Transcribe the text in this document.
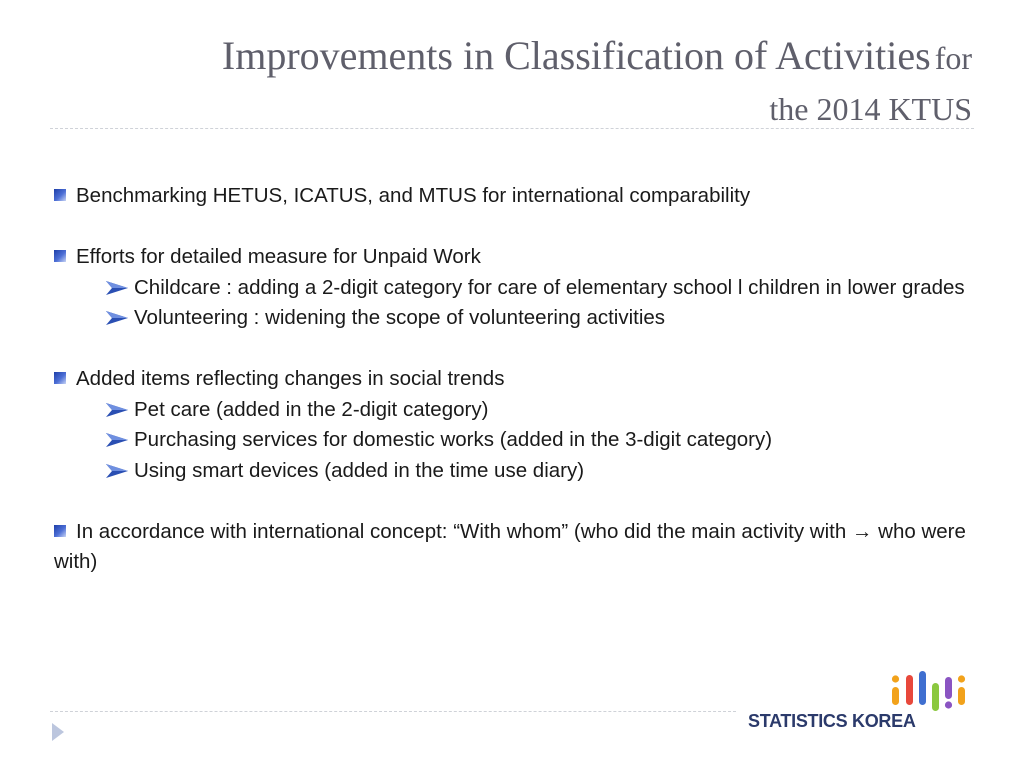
Improvements in Classification of Activities for
the 2014 KTUS
Benchmarking HETUS, ICATUS, and MTUS for international comparability
Efforts for detailed measure for Unpaid Work
Childcare : adding a 2-digit category for care of elementary school l children in lower grades
Volunteering : widening the scope of volunteering activities
Added items reflecting changes in social trends
Pet care (added in the 2-digit category)
Purchasing services for domestic works (added in the 3-digit category)
Using smart devices (added in the time use diary)
In accordance with international concept: “With whom” (who did the main activity with → who were with)
STATISTICS KOREA
